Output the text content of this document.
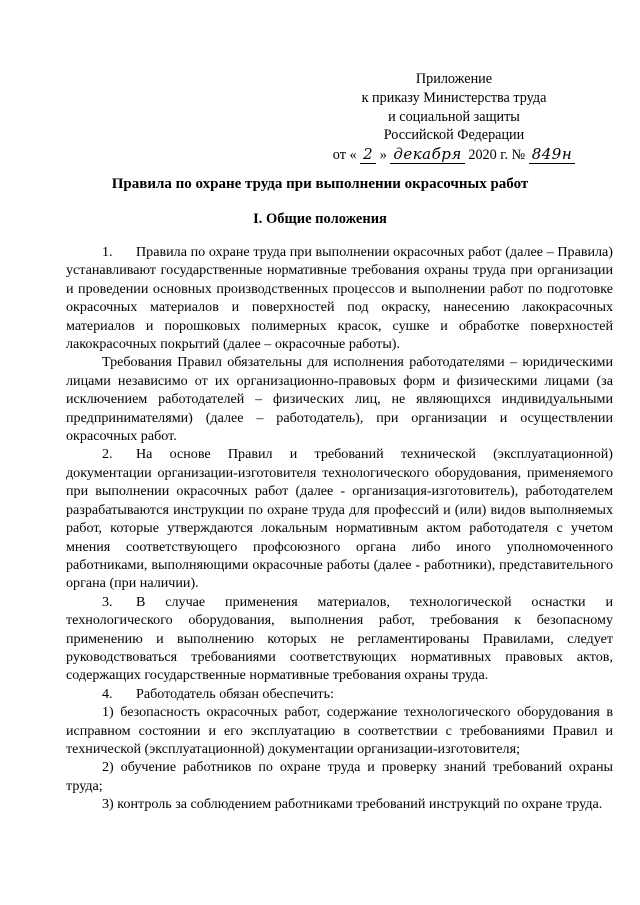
Приложение
к приказу Министерства труда
и социальной защиты
Российской Федерации
от « 2 » декабря 2020 г. № 849н
Правила по охране труда при выполнении окрасочных работ
I. Общие положения

1. Правила по охране труда при выполнении окрасочных работ (далее – Правила) устанавливают государственные нормативные требования охраны труда при организации и проведении основных производственных процессов и выполнении работ по подготовке окрасочных материалов и поверхностей под окраску, нанесению лакокрасочных материалов и порошковых полимерных красок, сушке и обработке поверхностей лакокрасочных покрытий (далее – окрасочные работы).

Требования Правил обязательны для исполнения работодателями – юридическими лицами независимо от их организационно-правовых форм и физическими лицами (за исключением работодателей – физических лиц, не являющихся индивидуальными предпринимателями) (далее – работодатель), при организации и осуществлении окрасочных работ.

2. На основе Правил и требований технической (эксплуатационной) документации организации-изготовителя технологического оборудования, применяемого при выполнении окрасочных работ (далее - организация-изготовитель), работодателем разрабатываются инструкции по охране труда для профессий и (или) видов выполняемых работ, которые утверждаются локальным нормативным актом работодателя с учетом мнения соответствующего профсоюзного органа либо иного уполномоченного работниками, выполняющими окрасочные работы (далее - работники), представительного органа (при наличии).

3. В случае применения материалов, технологической оснастки и технологического оборудования, выполнения работ, требования к безопасному применению и выполнению которых не регламентированы Правилами, следует руководствоваться требованиями соответствующих нормативных правовых актов, содержащих государственные нормативные требования охраны труда.

4. Работодатель обязан обеспечить:

1) безопасность окрасочных работ, содержание технологического оборудования в исправном состоянии и его эксплуатацию в соответствии с требованиями Правил и технической (эксплуатационной) документации организации-изготовителя;

2) обучение работников по охране труда и проверку знаний требований охраны труда;

3) контроль за соблюдением работниками требований инструкций по охране труда.
